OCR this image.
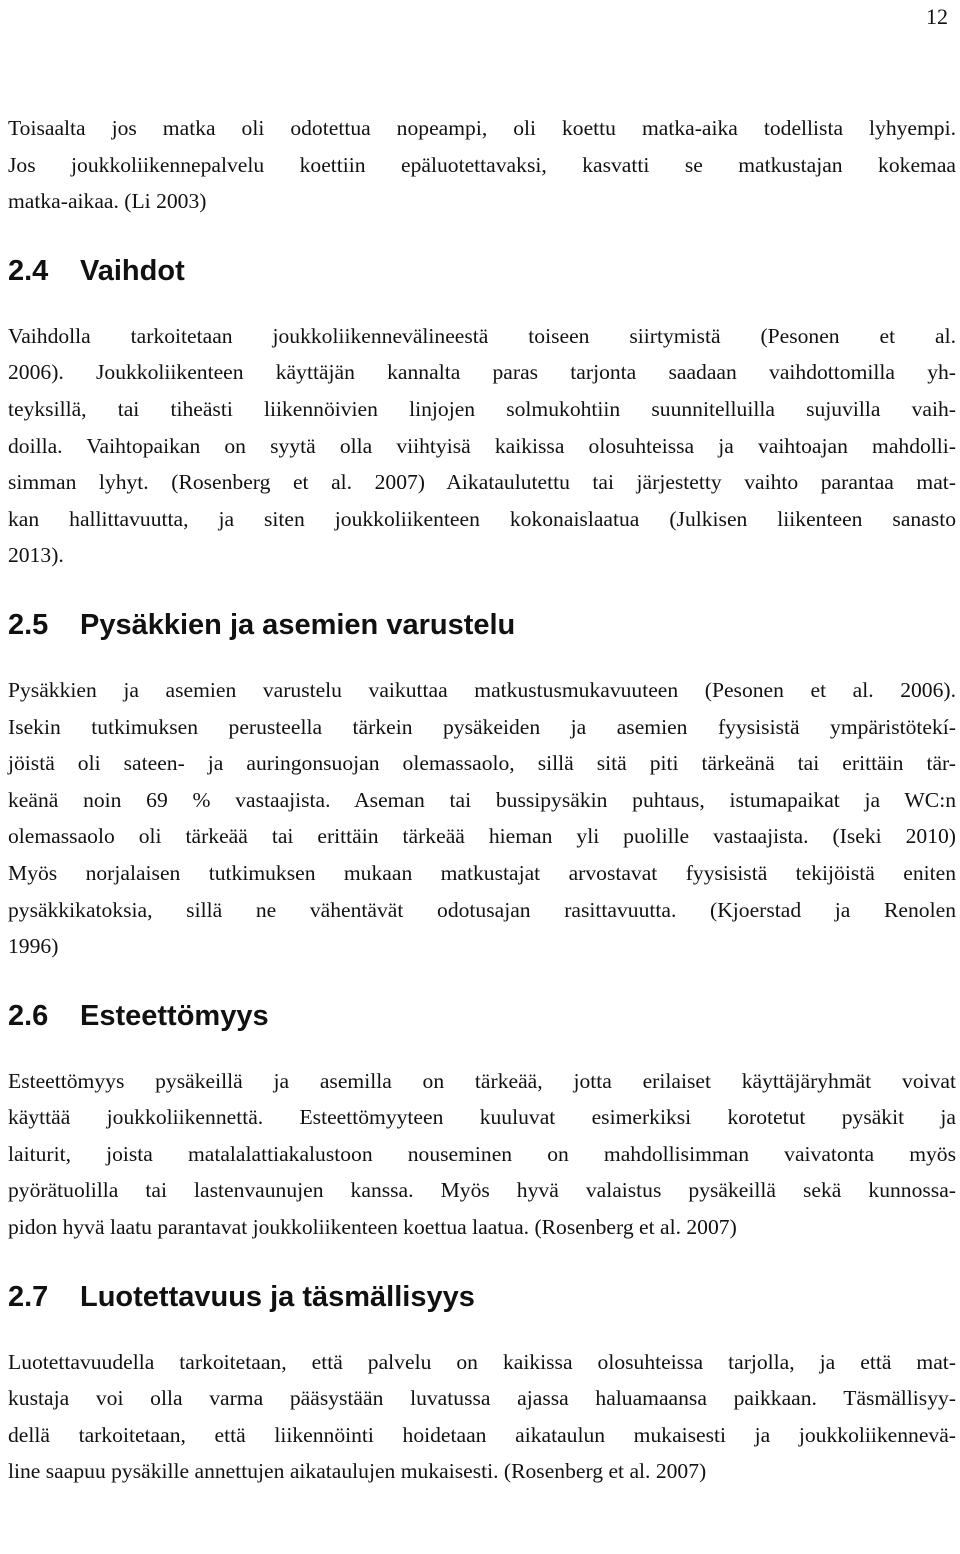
12

Toisaalta jos matka oli odotettua nopeampi, oli koettu matka-aika todellista lyhyempi.
Jos joukkoliikennepalvelu koettiin epäluotettavaksi, kasvatti se matkustajan kokemaa
matka-aikaa. (Li 2003)

2.4	Vaihdot

Vaihdolla tarkoitetaan joukkoliikennevälineestä toiseen siirtymistä (Pesonen et al.
2006). Joukkoliikenteen käyttäjän kannalta paras tarjonta saadaan vaihdottomilla yh-
teyksillä, tai tiheästi liikennöivien linjojen solmukohtiin suunnitelluilla sujuvilla vaih-
doilla. Vaihtopaikan on syytä olla viihtyisä kaikissa olosuhteissa ja vaihtoajan mahdolli-
simman lyhyt. (Rosenberg et al. 2007) Aikataulutettu tai järjestetty vaihto parantaa mat-
kan hallittavuutta, ja siten joukkoliikenteen kokonaislaatua (Julkisen liikenteen sanasto
2013).

2.5	Pysäkkien ja asemien varustelu

Pysäkkien ja asemien varustelu vaikuttaa matkustusmukavuuteen (Pesonen et al. 2006).
Isekin tutkimuksen perusteella tärkein pysäkeiden ja asemien fyysisistä ympäristötekí-
jöistä oli sateen- ja auringonsuojan olemassaolo, sillä sitä piti tärkeänä tai erittäin tär-
keänä noin 69 % vastaajista. Aseman tai bussipysäkin puhtaus, istumapaikat ja WC:n
olemassaolo oli tärkeää tai erittäin tärkeää hieman yli puolille vastaajista. (Iseki 2010)
Myös norjalaisen tutkimuksen mukaan matkustajat arvostavat fyysisistä tekijöistä eniten
pysäkkikatoksia, sillä ne vähentävät odotusajan rasittavuutta. (Kjoerstad ja Renolen
1996)

2.6	Esteettömyys

Esteettömyys pysäkeillä ja asemilla on tärkeää, jotta erilaiset käyttäjäryhmät voivat
käyttää joukkoliikennettä. Esteettömyyteen kuuluvat esimerkiksi korotetut pysäkit ja
laiturit, joista matalalattiakalustoon nouseminen on mahdollisimman vaivatonta myös
pyörätuolilla tai lastenvaunujen kanssa. Myös hyvä valaistus pysäkeillä sekä kunnossa-
pidon hyvä laatu parantavat joukkoliikenteen koettua laatua. (Rosenberg et al. 2007)

2.7	Luotettavuus ja täsmällisyys

Luotettavuudella tarkoitetaan, että palvelu on kaikissa olosuhteissa tarjolla, ja että mat-
kustaja voi olla varma pääsystään luvatussa ajassa haluamaansa paikkaan. Täsmällisyy-
dellä tarkoitetaan, että liikennöinti hoidetaan aikataulun mukaisesti ja joukkoliikennevä-
line saapuu pysäkille annettujen aikataulujen mukaisesti. (Rosenberg et al. 2007)
